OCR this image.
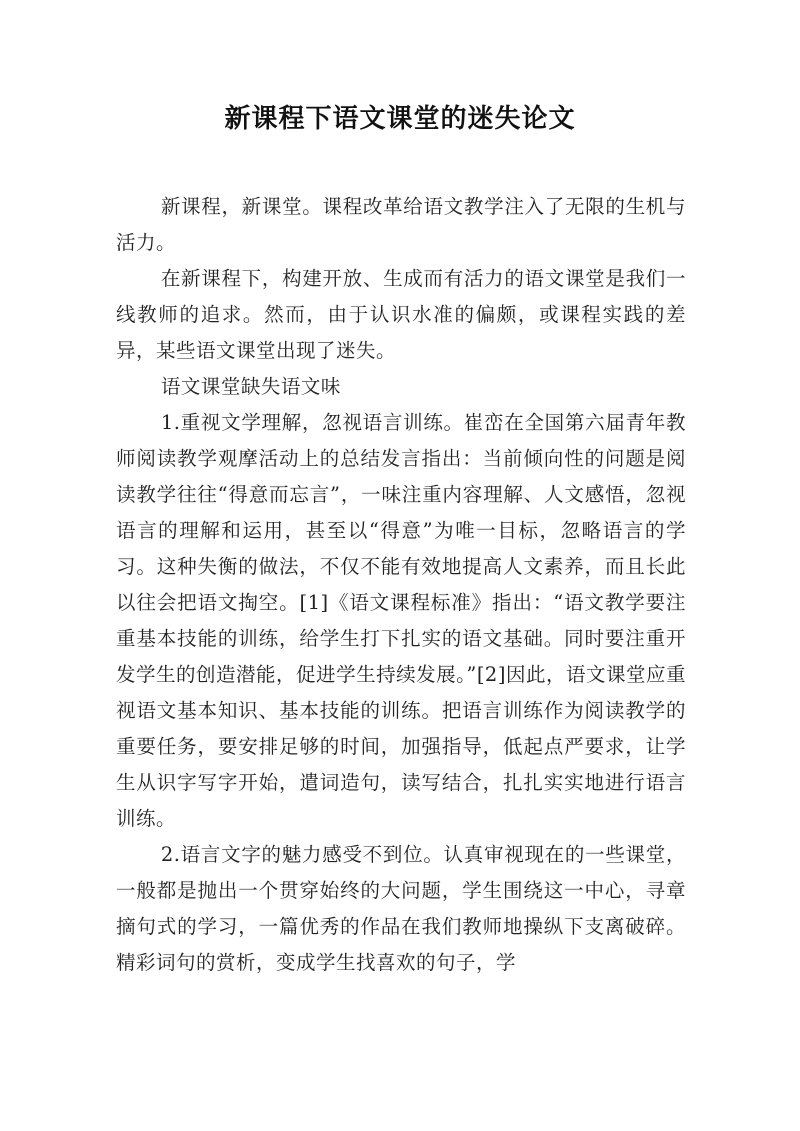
新课程下语文课堂的迷失论文

新课程，新课堂。课程改革给语文教学注入了无限的生机与活力。

在新课程下，构建开放、生成而有活力的语文课堂是我们一线教师的追求。然而，由于认识水准的偏颇，或课程实践的差异，某些语文课堂出现了迷失。

语文课堂缺失语文味

1.重视文学理解，忽视语言训练。崔峦在全国第六届青年教师阅读教学观摩活动上的总结发言指出：当前倾向性的问题是阅读教学往往“得意而忘言”，一味注重内容理解、人文感悟，忽视语言的理解和运用，甚至以“得意”为唯一目标，忽略语言的学习。这种失衡的做法，不仅不能有效地提高人文素养，而且长此以往会把语文掏空。[1]《语文课程标准》指出：“语文教学要注重基本技能的训练，给学生打下扎实的语文基础。同时要注重开发学生的创造潜能，促进学生持续发展。”[2]因此，语文课堂应重视语文基本知识、基本技能的训练。把语言训练作为阅读教学的重要任务，要安排足够的时间，加强指导，低起点严要求，让学生从识字写字开始，遣词造句，读写结合，扎扎实实地进行语言训练。

2.语言文字的魅力感受不到位。认真审视现在的一些课堂，一般都是抛出一个贯穿始终的大问题，学生围绕这一中心，寻章摘句式的学习，一篇优秀的作品在我们教师地操纵下支离破碎。精彩词句的赏析，变成学生找喜欢的句子，学
